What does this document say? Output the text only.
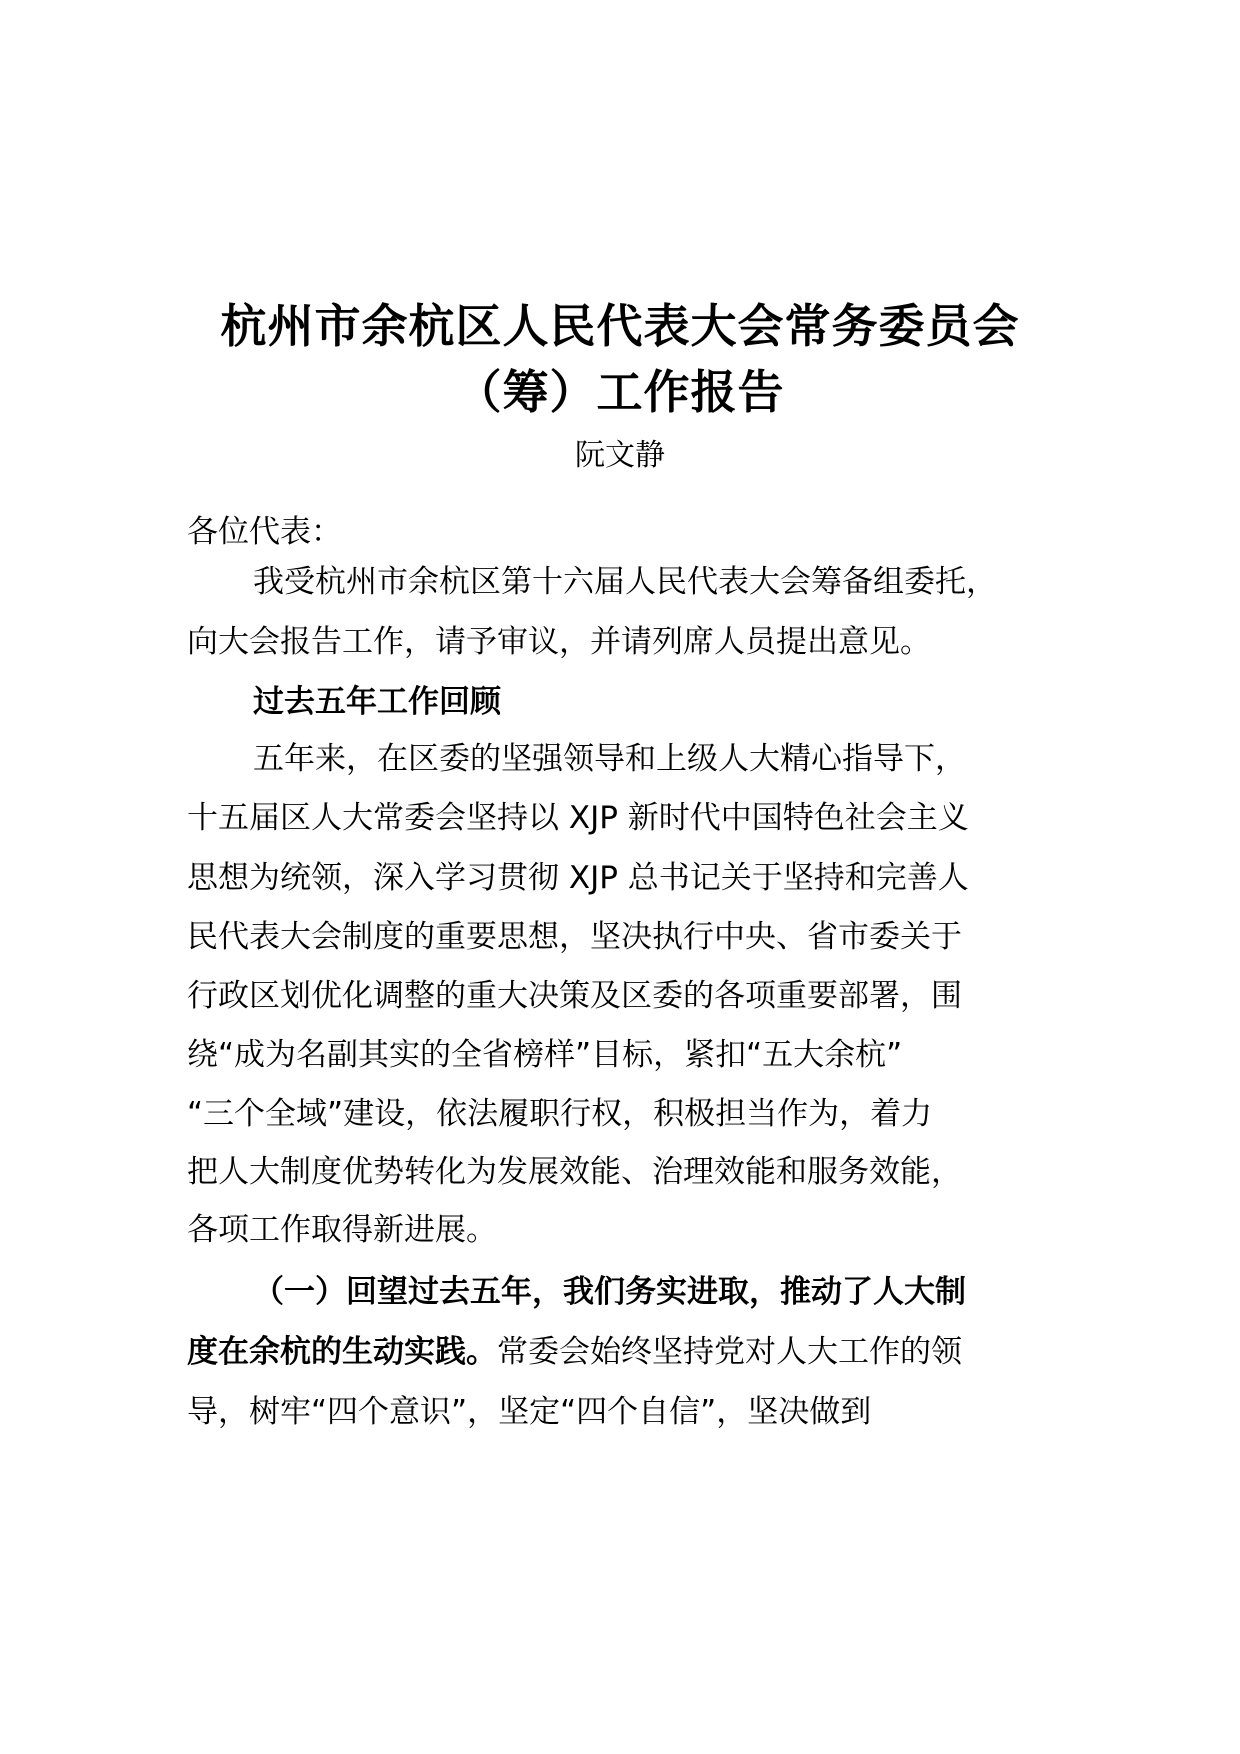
杭州市余杭区人民代表大会常务委员会
（筹）工作报告
阮文静
各位代表：
我受杭州市余杭区第十六届人民代表大会筹备组委托，
向大会报告工作，请予审议，并请列席人员提出意见。
过去五年工作回顾
五年来，在区委的坚强领导和上级人大精心指导下，
十五届区人大常委会坚持以 XJP 新时代中国特色社会主义
思想为统领，深入学习贯彻 XJP 总书记关于坚持和完善人
民代表大会制度的重要思想，坚决执行中央、省市委关于
行政区划优化调整的重大决策及区委的各项重要部署，围
绕“成为名副其实的全省榜样”目标，紧扣“五大余杭”
“三个全域”建设，依法履职行权，积极担当作为，着力
把人大制度优势转化为发展效能、治理效能和服务效能，
各项工作取得新进展。
（一）回望过去五年，我们务实进取，推动了人大制
度在余杭的生动实践。常委会始终坚持党对人大工作的领
导，树牢“四个意识”，坚定“四个自信”，坚决做到
